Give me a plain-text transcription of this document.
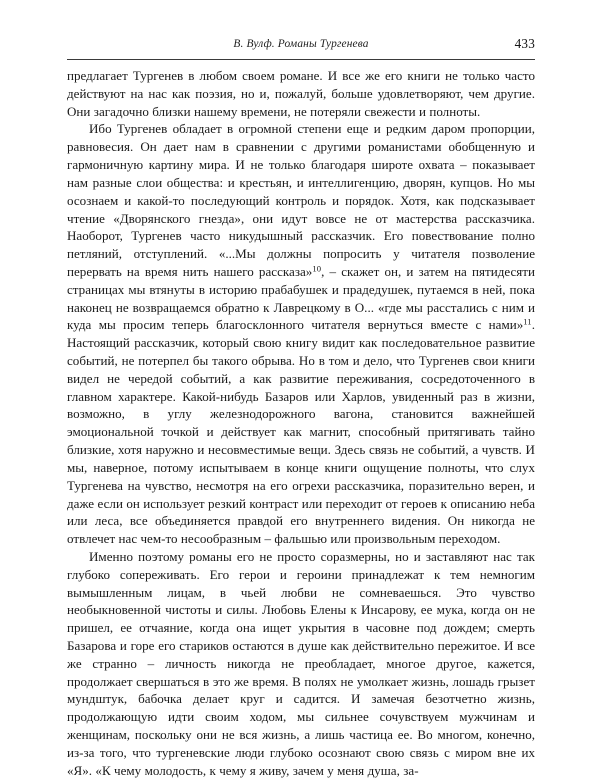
В. Вулф. Романы Тургенева	433

предлагает Тургенев в любом своем романе. И все же его книги не только часто действуют на нас как поэзия, но и, пожалуй, больше удовлетворяют, чем другие. Они загадочно близки нашему времени, не потеряли свежести и полноты.

Ибо Тургенев обладает в огромной степени еще и редким даром пропорции, равновесия. Он дает нам в сравнении с другими романистами обобщенную и гармоничную картину мира. И не только благодаря широте охвата – показывает нам разные слои общества: и крестьян, и интеллигенцию, дворян, купцов. Но мы осознаем и какой-то последующий контроль и порядок. Хотя, как подсказывает чтение «Дворянского гнезда», они идут вовсе не от мастерства рассказчика. Наоборот, Тургенев часто никудышный рассказчик. Его повествование полно петляний, отступлений. «...Мы должны попросить у читателя позволение перервать на время нить нашего рассказа»$^{10}$, – скажет он, и затем на пятидесяти страницах мы втянуты в историю прабабушек и прадедушек, путаемся в ней, пока наконец не возвращаемся обратно к Лаврецкому в О... «где мы расстались с ним и куда мы просим теперь благосклонного читателя вернуться вместе с нами»$^{11}$. Настоящий рассказчик, который свою книгу видит как последовательное развитие событий, не потерпел бы такого обрыва. Но в том и дело, что Тургенев свои книги видел не чередой событий, а как развитие переживания, сосредоточенного в главном характере. Какой-нибудь Базаров или Харлов, увиденный раз в жизни, возможно, в углу железнодорожного вагона, становится важнейшей эмоциональной точкой и действует как магнит, способный притягивать тайно близкие, хотя наружно и несовместимые вещи. Здесь связь не событий, а чувств. И мы, наверное, потому испытываем в конце книги ощущение полноты, что слух Тургенева на чувство, несмотря на его огрехи рассказчика, поразительно верен, и даже если он использует резкий контраст или переходит от героев к описанию неба или леса, все объединяется правдой его внутреннего видения. Он никогда не отвлечет нас чем-то несообразным – фальшью или произвольным переходом.

Именно поэтому романы его не просто соразмерны, но и заставляют нас так глубоко сопереживать. Его герои и героини принадлежат к тем немногим вымышленным лицам, в чьей любви не сомневаешься. Это чувство необыкновенной чистоты и силы. Любовь Елены к Инсарову, ее мука, когда он не пришел, ее отчаяние, когда она ищет укрытия в часовне под дождем; смерть Базарова и горе его стариков остаются в душе как действительно пережитое. И все же странно – личность никогда не преобладает, многое другое, кажется, продолжает свершаться в это же время. В полях не умолкает жизнь, лошадь грызет мундштук, бабочка делает круг и садится. И замечая безотчетно жизнь, продолжающую идти своим ходом, мы сильнее сочувствуем мужчинам и женщинам, поскольку они не вся жизнь, а лишь частица ее. Во многом, конечно, из-за того, что тургеневские люди глубоко осознают свою связь с миром вне их «Я». «К чему молодость, к чему я живу, зачем у меня душа, за-
